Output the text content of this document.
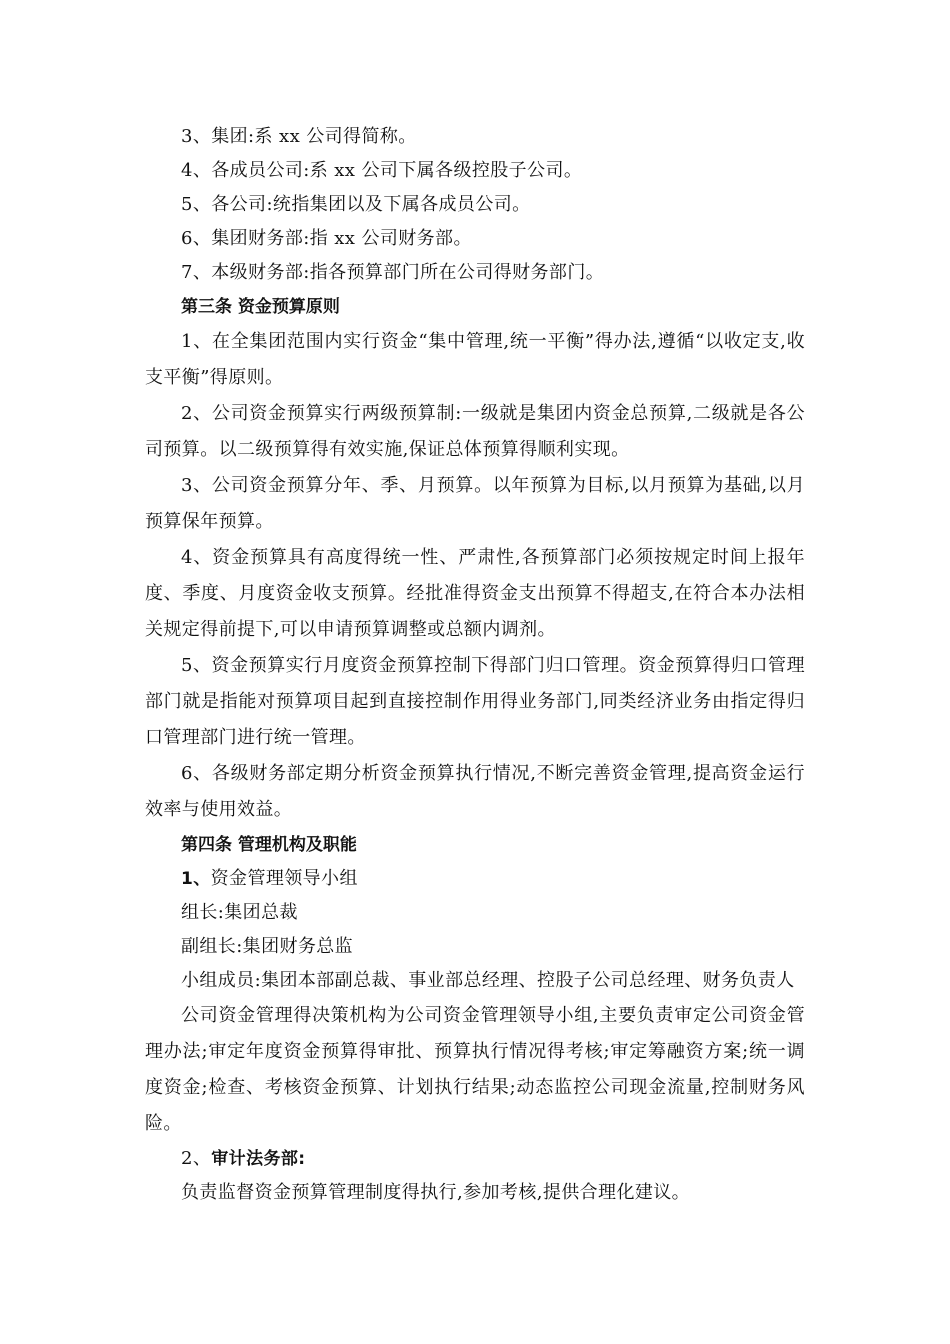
3、集团:系 xx 公司得简称。

4、各成员公司:系 xx 公司下属各级控股子公司。

5、各公司:统指集团以及下属各成员公司。

6、集团财务部:指 xx 公司财务部。

7、本级财务部:指各预算部门所在公司得财务部门。

第三条 资金预算原则

1、在全集团范围内实行资金“集中管理,统一平衡”得办法,遵循“以收定支,收支平衡”得原则。

2、公司资金预算实行两级预算制:一级就是集团内资金总预算,二级就是各公司预算。以二级预算得有效实施,保证总体预算得顺利实现。

3、公司资金预算分年、季、月预算。以年预算为目标,以月预算为基础,以月预算保年预算。

4、资金预算具有高度得统一性、严肃性,各预算部门必须按规定时间上报年度、季度、月度资金收支预算。经批准得资金支出预算不得超支,在符合本办法相关规定得前提下,可以申请预算调整或总额内调剂。

5、资金预算实行月度资金预算控制下得部门归口管理。资金预算得归口管理部门就是指能对预算项目起到直接控制作用得业务部门,同类经济业务由指定得归口管理部门进行统一管理。

6、各级财务部定期分析资金预算执行情况,不断完善资金管理,提高资金运行效率与使用效益。

第四条 管理机构及职能

1、资金管理领导小组

组长:集团总裁

副组长:集团财务总监

小组成员:集团本部副总裁、事业部总经理、控股子公司总经理、财务负责人

公司资金管理得决策机构为公司资金管理领导小组,主要负责审定公司资金管理办法;审定年度资金预算得审批、预算执行情况得考核;审定筹融资方案;统一调度资金;检查、考核资金预算、计划执行结果;动态监控公司现金流量,控制财务风险。

2、审计法务部:

负责监督资金预算管理制度得执行,参加考核,提供合理化建议。
